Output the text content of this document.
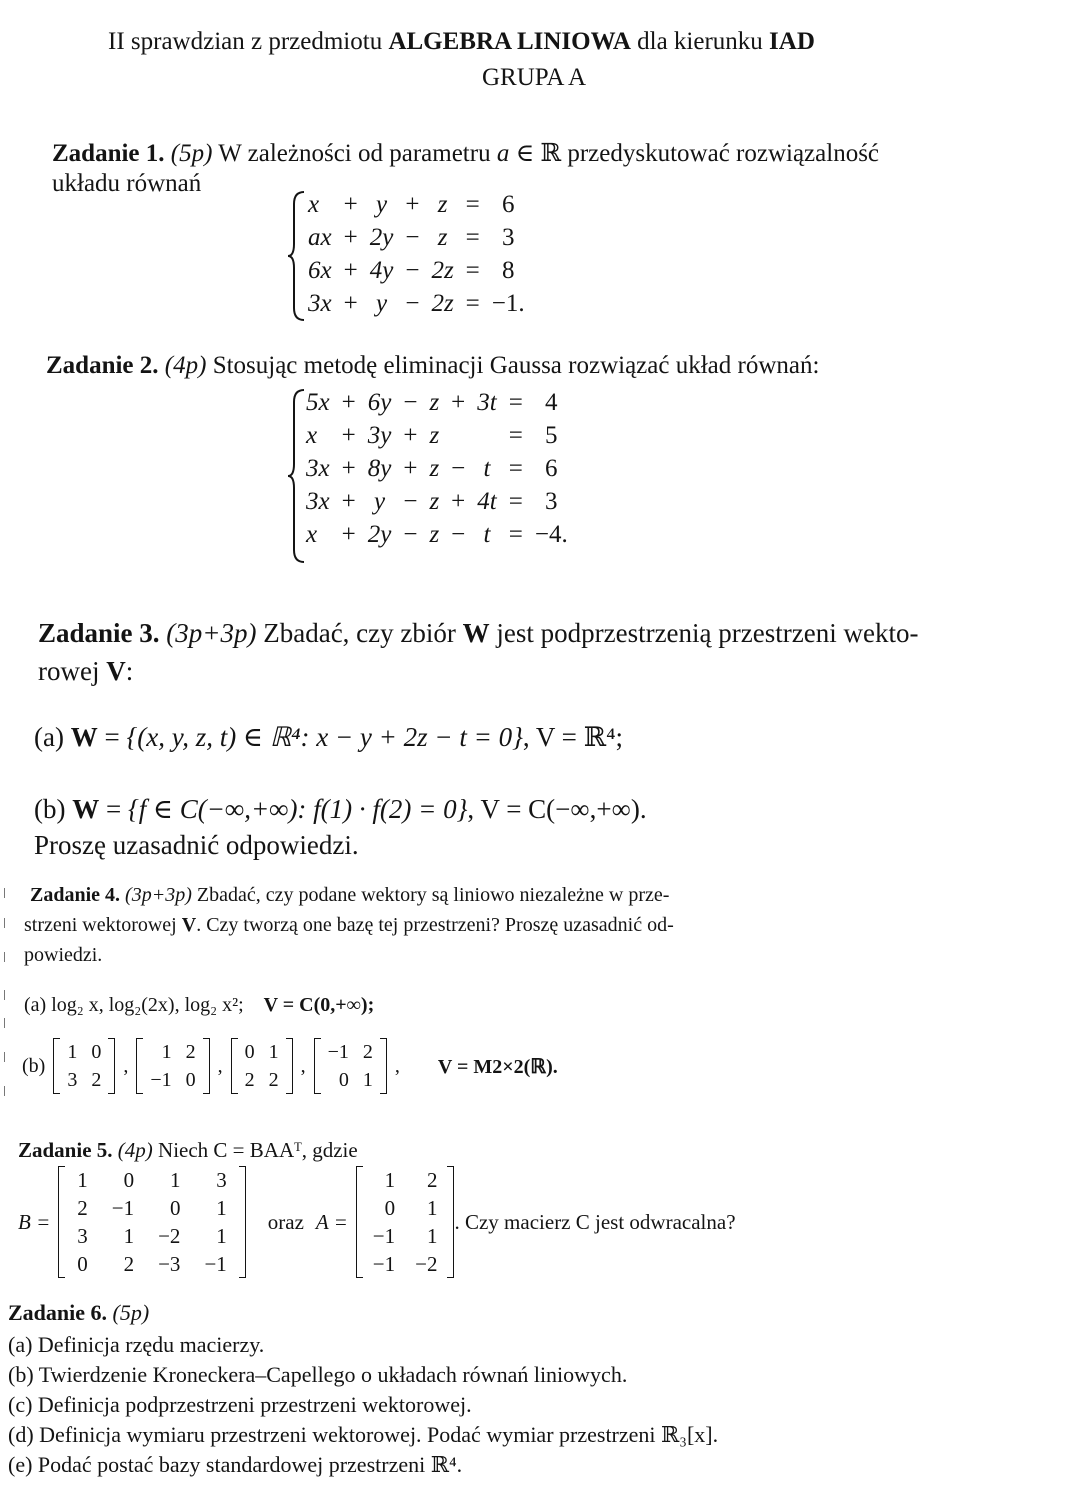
II sprawdzian z przedmiotu ALGEBRA LINIOWA dla kierunku IAD
GRUPA A
Zadanie 1. (5p) W zależności od parametru a ∈ ℝ przedyskutować rozwiązalność
układu równań
x	+	y	+	z	=	6
ax	+	2y	−	z	=	3
6x	+	4y	−	2z	=	8
3x	+	y	−	2z	=	−1.
Zadanie 2. (4p) Stosując metodę eliminacji Gaussa rozwiązać układ równań:
5x	+	6y	−	z	+	3t	=	4
x	+	3y	+	z			=	5
3x	+	8y	+	z	−	t	=	6
3x	+	y	−	z	+	4t	=	3
x	+	2y	−	z	−	t	=	−4.
Zadanie 3. (3p+3p) Zbadać, czy zbiór W jest podprzestrzenią przestrzeni wekto-
rowej V:
(a) W = {(x, y, z, t) ∈ ℝ⁴: x − y + 2z − t = 0}, V = ℝ⁴;
(b) W = {f ∈ C(−∞,+∞): f(1) · f(2) = 0}, V = C(−∞,+∞).
Proszę uzasadnić odpowiedzi.
Zadanie 4. (3p+3p) Zbadać, czy podane wektory są liniowo niezależne w prze-
strzeni wektorowej V. Czy tworzą one bazę tej przestrzeni? Proszę uzasadnić od-
powiedzi.
(a) log₂ x, log₂(2x), log₂ x²; V = C(0,+∞);
(b)
1	0
3	2
,
1	2
−1	0
,
0	1
2	2
,
−1	2
0	1
, V = M2×2(ℝ).
Zadanie 5. (4p) Niech C = BAAᵀ, gdzie
B =
1	0	1	3
2	−1	0	1
3	1	−2	1
0	2	−3	−1
oraz A =
1	2
0	1
−1	1
−1	−2
. Czy macierz C jest odwracalna?
Zadanie 6. (5p)
(a) Definicja rzędu macierzy.
(b) Twierdzenie Kroneckera–Capellego o układach równań liniowych.
(c) Definicja podprzestrzeni przestrzeni wektorowej.
(d) Definicja wymiaru przestrzeni wektorowej. Podać wymiar przestrzeni ℝ₃[x].
(e) Podać postać bazy standardowej przestrzeni ℝ⁴.
